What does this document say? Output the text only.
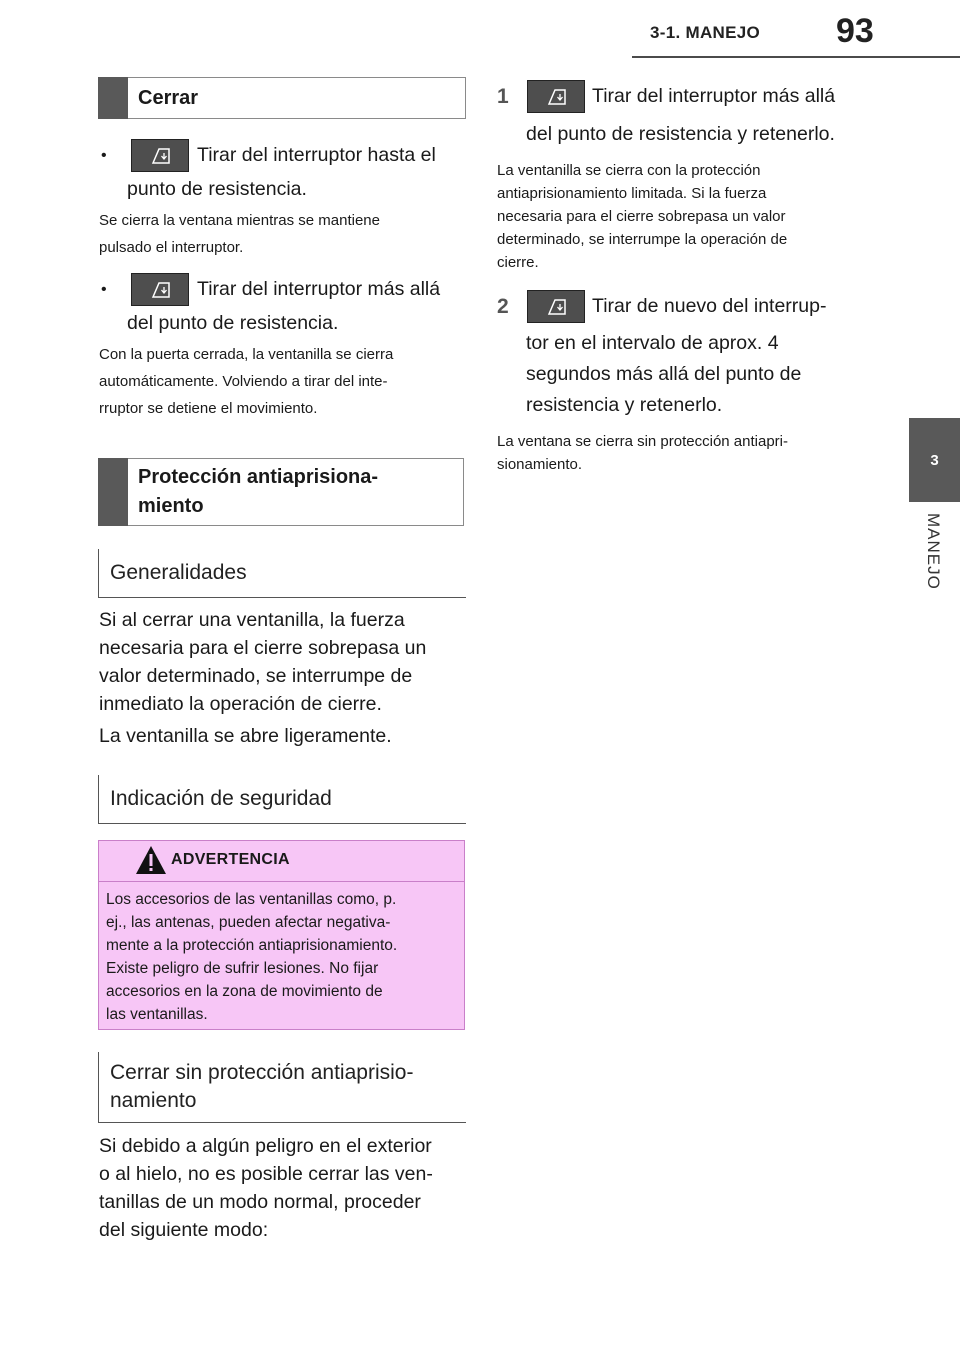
3-1. MANEJO 93
3
MANEJO
Cerrar
•	Tirar del interruptor hasta el
punto de resistencia.
Se cierra la ventana mientras se mantiene
pulsado el interruptor.
•	Tirar del interruptor más allá
del punto de resistencia.
Con la puerta cerrada, la ventanilla se cierra
automáticamente. Volviendo a tirar del inte-
rruptor se detiene el movimiento.
Protección antiaprisiona-
miento
Generalidades
Si al cerrar una ventanilla, la fuerza
necesaria para el cierre sobrepasa un
valor determinado, se interrumpe de
inmediato la operación de cierre.
La ventanilla se abre ligeramente.
Indicación de seguridad
ADVERTENCIA
Los accesorios de las ventanillas como, p.
ej., las antenas, pueden afectar negativa-
mente a la protección antiaprisionamiento.
Existe peligro de sufrir lesiones. No fijar
accesorios en la zona de movimiento de
las ventanillas.
Cerrar sin protección antiaprisio-
namiento
Si debido a algún peligro en el exterior
o al hielo, no es posible cerrar las ven-
tanillas de un modo normal, proceder
del siguiente modo:
1	Tirar del interruptor más allá
del punto de resistencia y retenerlo.
La ventanilla se cierra con la protección
antiaprisionamiento limitada. Si la fuerza
necesaria para el cierre sobrepasa un valor
determinado, se interrumpe la operación de
cierre.
2	Tirar de nuevo del interrup-
tor en el intervalo de aprox. 4
segundos más allá del punto de
resistencia y retenerlo.
La ventana se cierra sin protección antiapri-
sionamiento.
